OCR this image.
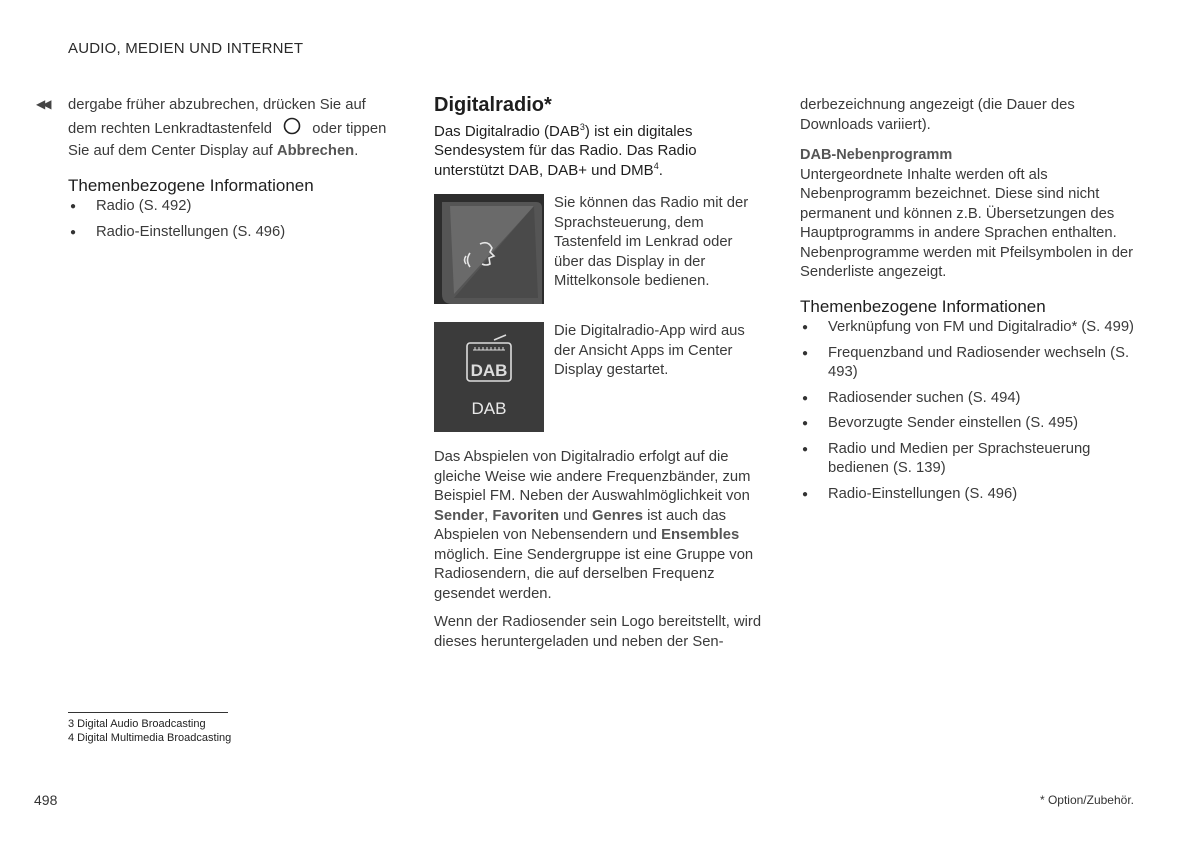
AUDIO, MEDIEN UND INTERNET
◀◀ dergabe früher abzubrechen, drücken Sie auf dem rechten Lenkradtastenfeld	oder tippen Sie auf dem Center Display auf Abbrechen.

Themenbezogene Informationen
● Radio (S. 492)
● Radio-Einstellungen (S. 496)
Digitalradio*

Das Digitalradio (DAB$^3$) ist ein digitales Sendesystem für das Radio. Das Radio unterstützt DAB, DAB+ und DMB$^4$.

Sie können das Radio mit der Sprachsteuerung, dem Tastenfeld im Lenkrad oder über das Display in der Mittelkonsole bedienen.
DAB
DAB
Die Digitalradio-App wird aus der Ansicht Apps im Center Display gestartet.

Das Abspielen von Digitalradio erfolgt auf die gleiche Weise wie andere Frequenzbänder, zum Beispiel FM. Neben der Auswahlmöglichkeit von Sender, Favoriten und Genres ist auch das Abspielen von Nebensendern und Ensembles möglich. Eine Sendergruppe ist eine Gruppe von Radiosendern, die auf derselben Frequenz gesendet werden.

Wenn der Radiosender sein Logo bereitstellt, wird dieses heruntergeladen und neben der Sen-

derbezeichnung angezeigt (die Dauer des Downloads variiert).

DAB-Nebenprogramm

Untergeordnete Inhalte werden oft als Nebenprogramm bezeichnet. Diese sind nicht permanent und können z.B. Übersetzungen des Hauptprogramms in andere Sprachen enthalten. Nebenprogramme werden mit Pfeilsymbolen in der Senderliste angezeigt.

Themenbezogene Informationen
● Verknüpfung von FM und Digitalradio* (S. 499)
● Frequenzband und Radiosender wechseln (S. 493)
● Radiosender suchen (S. 494)
● Bevorzugte Sender einstellen (S. 495)
● Radio und Medien per Sprachsteuerung bedienen (S. 139)
● Radio-Einstellungen (S. 496)
3 Digital Audio Broadcasting
4 Digital Multimedia Broadcasting
498	* Option/Zubehör.
